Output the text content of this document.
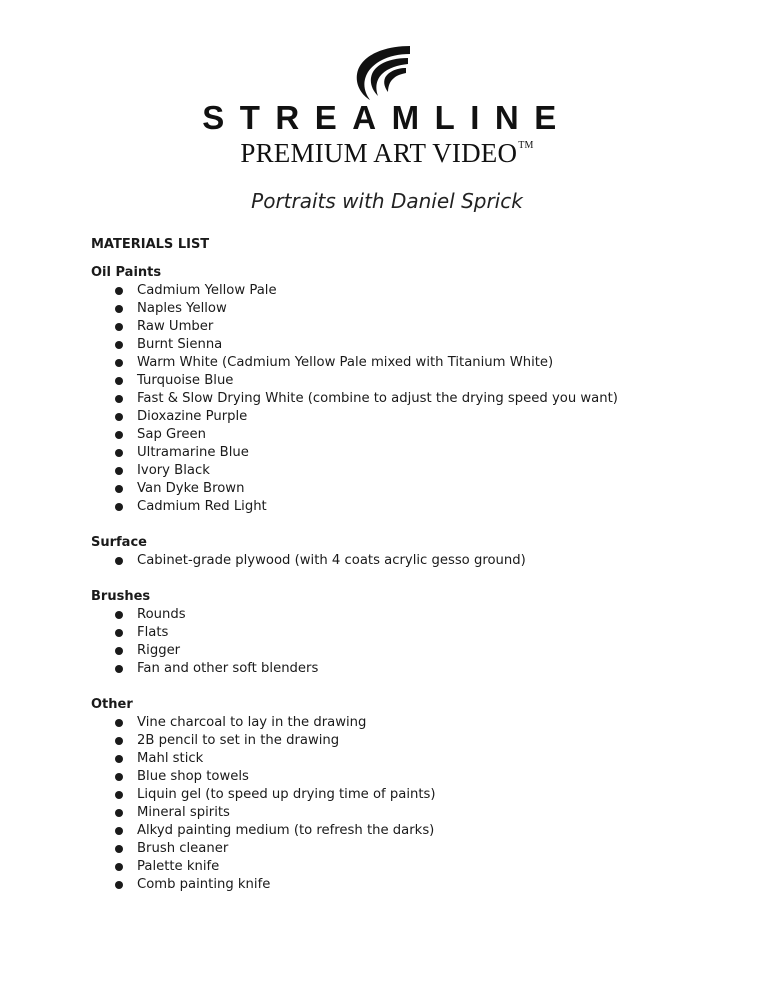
STREAMLINE
PREMIUM ART VIDEO™
Portraits with Daniel Sprick
MATERIALS LIST
Oil Paints
Cadmium Yellow Pale
Naples Yellow
Raw Umber
Burnt Sienna
Warm White (Cadmium Yellow Pale mixed with Titanium White)
Turquoise Blue
Fast & Slow Drying White (combine to adjust the drying speed you want)
Dioxazine Purple
Sap Green
Ultramarine Blue
Ivory Black
Van Dyke Brown
Cadmium Red Light
Surface
Cabinet-grade plywood (with 4 coats acrylic gesso ground)
Brushes
Rounds
Flats
Rigger
Fan and other soft blenders
Other
Vine charcoal to lay in the drawing
2B pencil to set in the drawing
Mahl stick
Blue shop towels
Liquin gel (to speed up drying time of paints)
Mineral spirits
Alkyd painting medium (to refresh the darks)
Brush cleaner
Palette knife
Comb painting knife
